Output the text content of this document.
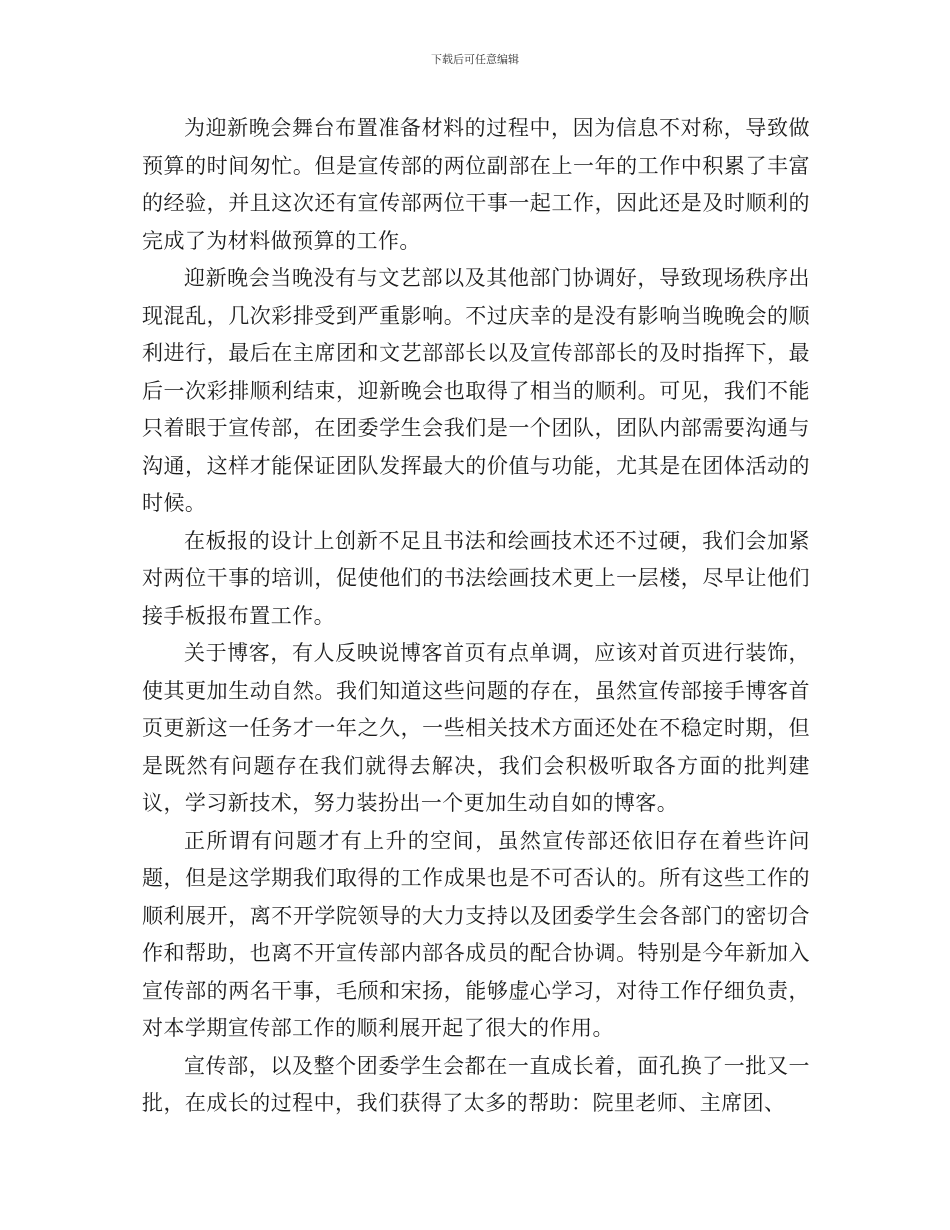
下载后可任意编辑

为迎新晚会舞台布置准备材料的过程中，因为信息不对称，导致做预算的时间匆忙。但是宣传部的两位副部在上一年的工作中积累了丰富的经验，并且这次还有宣传部两位干事一起工作，因此还是及时顺利的完成了为材料做预算的工作。

迎新晚会当晚没有与文艺部以及其他部门协调好，导致现场秩序出现混乱，几次彩排受到严重影响。不过庆幸的是没有影响当晚晚会的顺利进行，最后在主席团和文艺部部长以及宣传部部长的及时指挥下，最后一次彩排顺利结束，迎新晚会也取得了相当的顺利。可见，我们不能只着眼于宣传部，在团委学生会我们是一个团队，团队内部需要沟通与沟通，这样才能保证团队发挥最大的价值与功能，尤其是在团体活动的时候。

在板报的设计上创新不足且书法和绘画技术还不过硬，我们会加紧对两位干事的培训，促使他们的书法绘画技术更上一层楼，尽早让他们接手板报布置工作。

关于博客，有人反映说博客首页有点单调，应该对首页进行装饰，使其更加生动自然。我们知道这些问题的存在，虽然宣传部接手博客首页更新这一任务才一年之久，一些相关技术方面还处在不稳定时期，但是既然有问题存在我们就得去解决，我们会积极听取各方面的批判建议，学习新技术，努力装扮出一个更加生动自如的博客。

正所谓有问题才有上升的空间，虽然宣传部还依旧存在着些许问题，但是这学期我们取得的工作成果也是不可否认的。所有这些工作的顺利展开，离不开学院领导的大力支持以及团委学生会各部门的密切合作和帮助，也离不开宣传部内部各成员的配合协调。特别是今年新加入宣传部的两名干事，毛颀和宋扬，能够虚心学习，对待工作仔细负责，对本学期宣传部工作的顺利展开起了很大的作用。

宣传部，以及整个团委学生会都在一直成长着，面孔换了一批又一批，在成长的过程中，我们获得了太多的帮助：院里老师、主席团、
